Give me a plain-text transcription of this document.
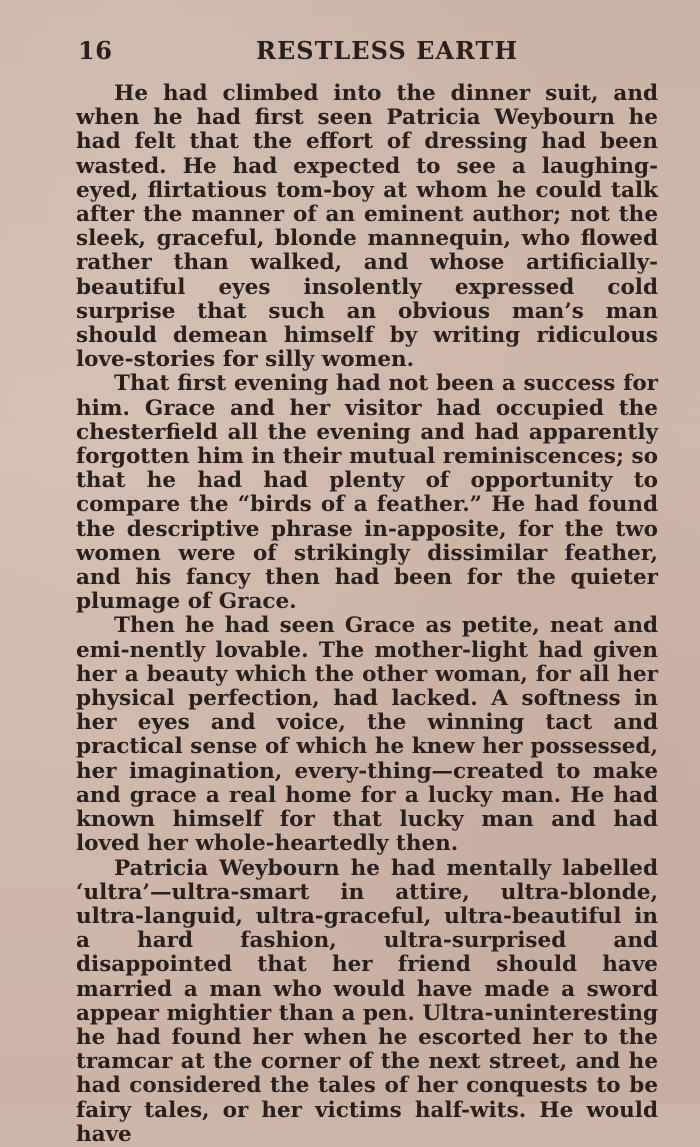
16	RESTLESS EARTH

He had climbed into the dinner suit, and when he had first seen Patricia Weybourn he had felt that the effort of dressing had been wasted. He had expected to see a laughing-eyed, flirtatious tom-boy at whom he could talk after the manner of an eminent author; not the sleek, graceful, blonde mannequin, who flowed rather than walked, and whose artificially-beautiful eyes insolently expressed cold surprise that such an obvious man’s man should demean himself by writing ridiculous love-stories for silly women.

That first evening had not been a success for him. Grace and her visitor had occupied the chesterfield all the evening and had apparently forgotten him in their mutual reminiscences; so that he had had plenty of opportunity to compare the “birds of a feather.” He had found the descriptive phrase in-apposite, for the two women were of strikingly dissimilar feather, and his fancy then had been for the quieter plumage of Grace.

Then he had seen Grace as petite, neat and emi-nently lovable. The mother-light had given her a beauty which the other woman, for all her physical perfection, had lacked. A softness in her eyes and voice, the winning tact and practical sense of which he knew her possessed, her imagination, every-thing—created to make and grace a real home for a lucky man. He had known himself for that lucky man and had loved her whole-heartedly then.

Patricia Weybourn he had mentally labelled ‘ultra’—ultra-smart in attire, ultra-blonde, ultra-languid, ultra-graceful, ultra-beautiful in a hard fashion, ultra-surprised and disappointed that her friend should have married a man who would have made a sword appear mightier than a pen. Ultra-uninteresting he had found her when he escorted her to the tramcar at the corner of the next street, and he had considered the tales of her conquests to be fairy tales, or her victims half-wits. He would have
